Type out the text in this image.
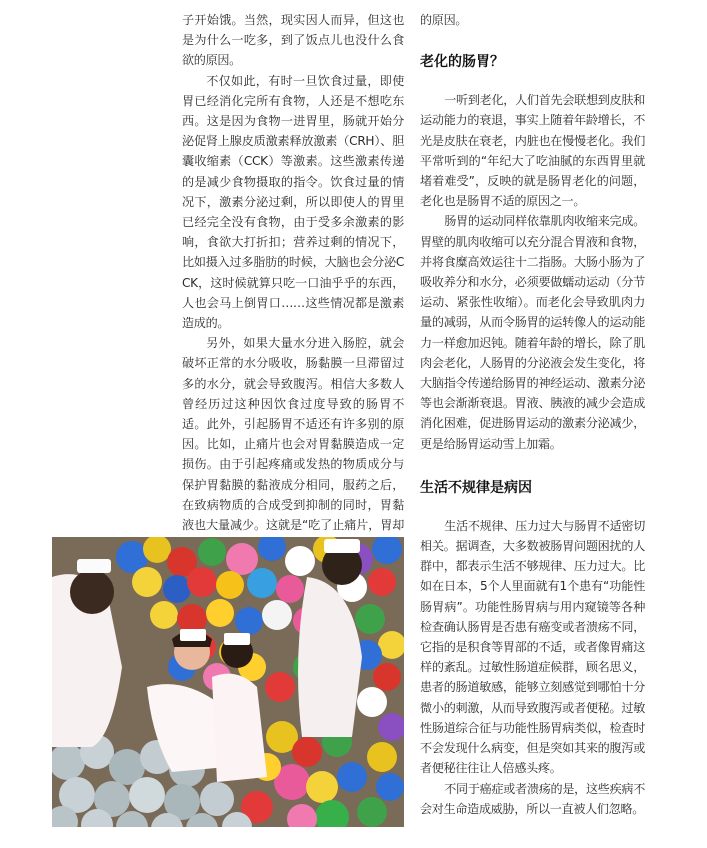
子开始饿。当然，现实因人而异，但这也是为什么一吃多，到了饭点儿也没什么食欲的原因。

不仅如此，有时一旦饮食过量，即使胃已经消化完所有食物，人还是不想吃东西。这是因为食物一进胃里，肠就开始分泌促肾上腺皮质激素释放激素（CRH）、胆囊收缩素（CCK）等激素。这些激素传递的是减少食物摄取的指令。饮食过量的情况下，激素分泌过剩，所以即使人的胃里已经完全没有食物，由于受多余激素的影响，食欲大打折扣；营养过剩的情况下，比如摄入过多脂肪的时候，大脑也会分泌CCK，这时候就算只吃一口油乎乎的东西，人也会马上倒胃口……这些情况都是激素造成的。

另外，如果大量水分进入肠腔，就会破坏正常的水分吸收，肠黏膜一旦滞留过多的水分，就会导致腹泻。相信大多数人曾经历过这种因饮食过度导致的肠胃不适。此外，引起肠胃不适还有许多别的原因。比如，止痛片也会对胃黏膜造成一定损伤。由于引起疼痛或发热的物质成分与保护胃黏膜的黏液成分相同，服药之后，在致病物质的合成受到抑制的同时，胃黏液也大量减少。这就是“吃了止痛片，胃却

的原因。

老化的肠胃？

一听到老化，人们首先会联想到皮肤和运动能力的衰退，事实上随着年龄增长，不光是皮肤在衰老，内脏也在慢慢老化。我们平常听到的“年纪大了吃油腻的东西胃里就堵着难受”，反映的就是肠胃老化的问题，老化也是肠胃不适的原因之一。

肠胃的运动同样依靠肌肉收缩来完成。胃壁的肌肉收缩可以充分混合胃液和食物，并将食糜高效运往十二指肠。大肠小肠为了吸收养分和水分，必须要做蠕动运动（分节运动、紧张性收缩）。而老化会导致肌肉力量的减弱，从而令肠胃的运转像人的运动能力一样愈加迟钝。随着年龄的增长，除了肌肉会老化，人肠胃的分泌液会发生变化，将大脑指令传递给肠胃的神经运动、激素分泌等也会渐渐衰退。胃液、胰液的减少会造成消化困难，促进肠胃运动的激素分泌减少，更是给肠胃运动雪上加霜。

生活不规律是病因

生活不规律、压力过大与肠胃不适密切相关。据调查，大多数被肠胃问题困扰的人群中，都表示生活不够规律、压力过大。比如在日本，5个人里面就有1个患有“功能性肠胃病”。功能性肠胃病与用内窥镜等各种检查确认肠胃是否患有癌变或者溃疡不同，它指的是积食等胃部的不适，或者像胃痛这样的紊乱。过敏性肠道症候群，顾名思义，患者的肠道敏感，能够立刻感觉到哪怕十分微小的刺激，从而导致腹泻或者便秘。过敏性肠道综合征与功能性肠胃病类似，检查时不会发现什么病变，但是突如其来的腹泻或者便秘往往让人倍感头疼。

不同于癌症或者溃疡的是，这些疾病不会对生命造成威胁，所以一直被人们忽略。
